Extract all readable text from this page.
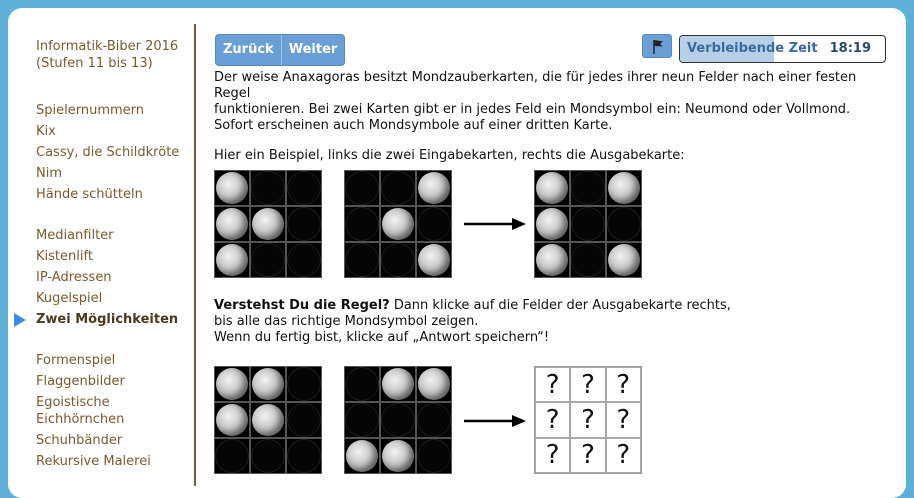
Informatik-Biber 2016
(Stufen 11 bis 13)
Spielernummern
Kix
Cassy, die Schildkröte
Nim
Hände schütteln
Medianfilter
Kistenlift
IP-Adressen
Kugelspiel
Zwei Möglichkeiten
Formenspiel
Flaggenbilder
Egoistische Eichhörnchen
Schuhbänder
Rekursive Malerei
Zurück	Weiter	Verbleibende Zeit 18:19

Der weise Anaxagoras besitzt Mondzauberkarten, die für jedes ihrer neun Felder nach einer festen Regel

funktionieren. Bei zwei Karten gibt er in jedes Feld ein Mondsymbol ein: Neumond oder Vollmond.

Sofort erscheinen auch Mondsymbole auf einer dritten Karte.

Hier ein Beispiel, links die zwei Eingabekarten, rechts die Ausgabekarte:

Verstehst Du die Regel? Dann klicke auf die Felder der Ausgabekarte rechts,

bis alle das richtige Mondsymbol zeigen.

Wenn du fertig bist, klicke auf „Antwort speichern“!

? ? ?
? ? ?
? ? ?
